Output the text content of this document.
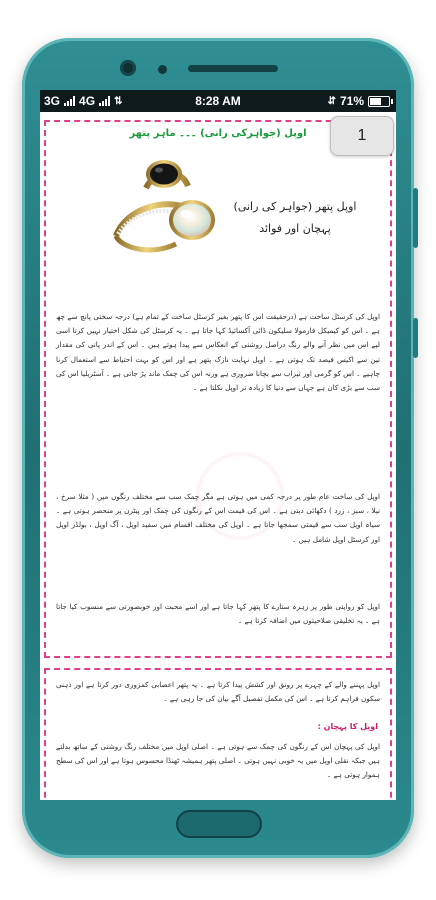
3G 4G ⇅	8:28 AM	⇵ 71%
1
اوپل (جواہرکی رانی) ۔۔۔ ماہر پتھر
اوپل پتھر (جواہر کی رانی)
پہچان اور فوائد
اوپل کی کرسٹل ساخت ہے (درحقیقت اس کا پتھر بغیر کرسٹل ساخت کے تمام ہے) درجہ سختی پانچ سے چھ ہے ۔ اس کو کیمیکل فارمولا سلیکون ڈائی آکسائیڈ کہا جاتا ہے ۔ یہ کرسٹل کی شکل اختیار نہیں کرتا اسی لیے اس میں نظر آنے والے رنگ دراصل روشنی کے انعکاس سے پیدا ہوتے ہیں ۔ اس کے اندر پانی کی مقدار تین سے اکیس فیصد تک ہوتی ہے ۔ اوپل نہایت نازک پتھر ہے اور اس کو بہت احتیاط سے استعمال کرنا چاہیے ۔ اس کو گرمی اور تیزاب سے بچانا ضروری ہے ورنہ اس کی چمک ماند پڑ جاتی ہے ۔ آسٹریلیا اس کی سب سے بڑی کان ہے جہاں سے دنیا کا زیادہ تر اوپل نکلتا ہے ۔
اوپل کی ساخت عام طور پر درجہ کمی میں ہوتی ہے مگر چمک سب سے مختلف رنگوں میں ( مثلا سرخ ، نیلا ، سبز ، زرد ) دکھائی دیتی ہے ۔ اس کی قیمت اس کے رنگوں کی چمک اور پیٹرن پر منحصر ہوتی ہے ۔ سیاہ اوپل سب سے قیمتی سمجھا جاتا ہے ۔ اوپل کی مختلف اقسام میں سفید اوپل ، آگ اوپل ، بولڈر اوپل اور کرسٹل اوپل شامل ہیں ۔
اوپل کو روایتی طور پر زہرہ ستارے کا پتھر کہا جاتا ہے اور اسے محبت اور خوبصورتی سے منسوب کیا جاتا ہے ۔ یہ تخلیقی صلاحیتوں میں اضافہ کرتا ہے ۔
اوپل پہننے والے کے چہرے پر رونق اور کشش پیدا کرتا ہے ۔ یہ پتھر اعصابی کمزوری دور کرتا ہے اور ذہنی سکون فراہم کرتا ہے ۔ اس کی مکمل تفصیل آگے بیان کی جا رہی ہے ۔
اوپل کا پہچان :
اوپل کی پہچان اس کے رنگوں کی چمک سے ہوتی ہے ۔ اصلی اوپل میں مختلف رنگ روشنی کے ساتھ بدلتے ہیں جبکہ نقلی اوپل میں یہ خوبی نہیں ہوتی ۔ اصلی پتھر ہمیشہ ٹھنڈا محسوس ہوتا ہے اور اس کی سطح ہموار ہوتی ہے ۔
